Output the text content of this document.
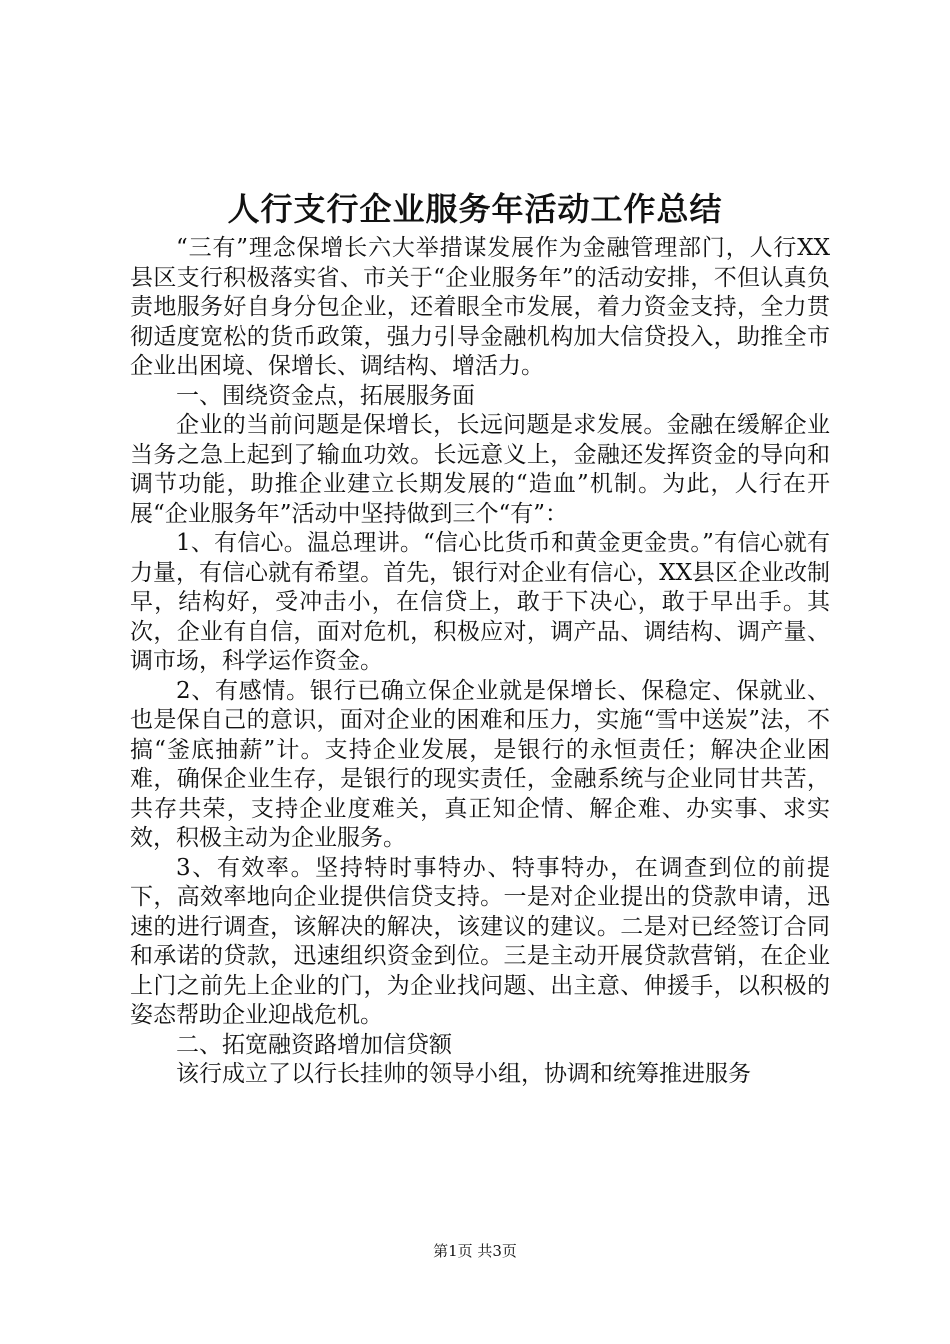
人行支行企业服务年活动工作总结

“三有”理念保增长六大举措谋发展作为金融管理部门，人行XX县区支行积极落实省、市关于“企业服务年”的活动安排，不但认真负责地服务好自身分包企业，还着眼全市发展，着力资金支持，全力贯彻适度宽松的货币政策，强力引导金融机构加大信贷投入，助推全市企业出困境、保增长、调结构、增活力。

一、围绕资金点，拓展服务面

企业的当前问题是保增长，长远问题是求发展。金融在缓解企业当务之急上起到了输血功效。长远意义上，金融还发挥资金的导向和调节功能，助推企业建立长期发展的“造血”机制。为此，人行在开展“企业服务年”活动中坚持做到三个“有”：

1、有信心。温总理讲。“信心比货币和黄金更金贵。”有信心就有力量，有信心就有希望。首先，银行对企业有信心，XX县区企业改制早，结构好，受冲击小，在信贷上，敢于下决心，敢于早出手。其次，企业有自信，面对危机，积极应对，调产品、调结构、调产量、调市场，科学运作资金。

2、有感情。银行已确立保企业就是保增长、保稳定、保就业、也是保自己的意识，面对企业的困难和压力，实施“雪中送炭”法，不搞“釜底抽薪”计。支持企业发展，是银行的永恒责任；解决企业困难，确保企业生存，是银行的现实责任，金融系统与企业同甘共苦，共存共荣，支持企业度难关，真正知企情、解企难、办实事、求实效，积极主动为企业服务。

3、有效率。坚持特时事特办、特事特办，在调查到位的前提下，高效率地向企业提供信贷支持。一是对企业提出的贷款申请，迅速的进行调查，该解决的解决，该建议的建议。二是对已经签订合同和承诺的贷款，迅速组织资金到位。三是主动开展贷款营销，在企业上门之前先上企业的门，为企业找问题、出主意、伸援手，以积极的姿态帮助企业迎战危机。

二、拓宽融资路增加信贷额

该行成立了以行长挂帅的领导小组，协调和统筹推进服务

第1页 共3页
